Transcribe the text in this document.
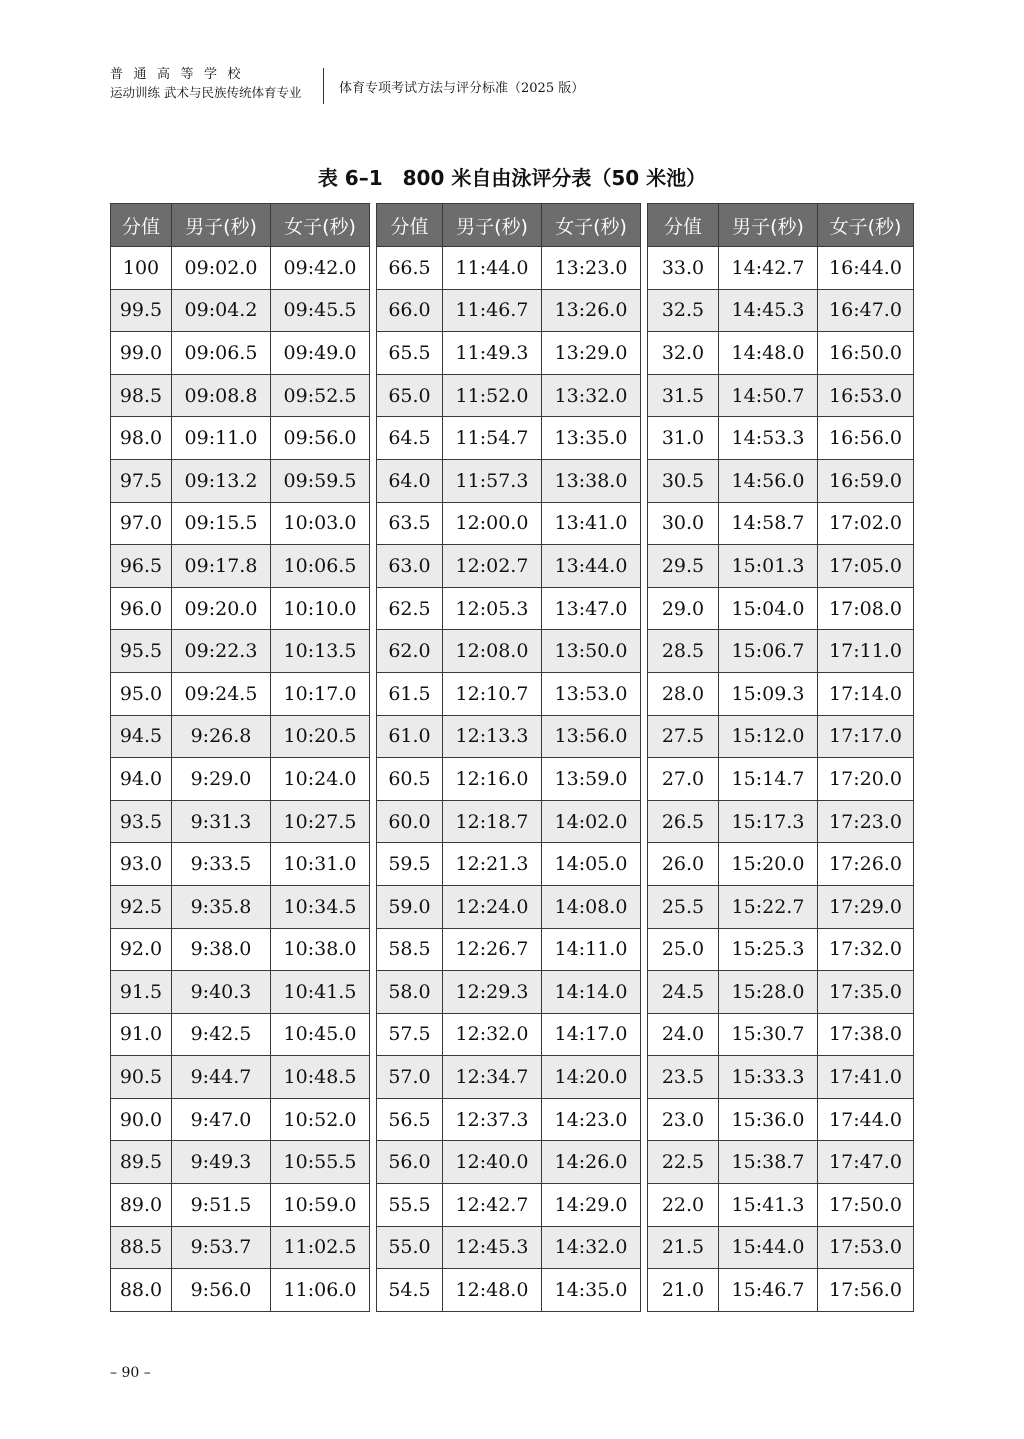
普通高等学校
运动训练 武术与民族传统体育专业	体育专项考试方法与评分标准（2025 版）
表 6–1　800 米自由泳评分表（50 米池）
分值	男子(秒)	女子(秒)
100	09:02.0	09:42.0
99.5	09:04.2	09:45.5
99.0	09:06.5	09:49.0
98.5	09:08.8	09:52.5
98.0	09:11.0	09:56.0
97.5	09:13.2	09:59.5
97.0	09:15.5	10:03.0
96.5	09:17.8	10:06.5
96.0	09:20.0	10:10.0
95.5	09:22.3	10:13.5
95.0	09:24.5	10:17.0
94.5	9:26.8	10:20.5
94.0	9:29.0	10:24.0
93.5	9:31.3	10:27.5
93.0	9:33.5	10:31.0
92.5	9:35.8	10:34.5
92.0	9:38.0	10:38.0
91.5	9:40.3	10:41.5
91.0	9:42.5	10:45.0
90.5	9:44.7	10:48.5
90.0	9:47.0	10:52.0
89.5	9:49.3	10:55.5
89.0	9:51.5	10:59.0
88.5	9:53.7	11:02.5
88.0	9:56.0	11:06.0
分值	男子(秒)	女子(秒)
66.5	11:44.0	13:23.0
66.0	11:46.7	13:26.0
65.5	11:49.3	13:29.0
65.0	11:52.0	13:32.0
64.5	11:54.7	13:35.0
64.0	11:57.3	13:38.0
63.5	12:00.0	13:41.0
63.0	12:02.7	13:44.0
62.5	12:05.3	13:47.0
62.0	12:08.0	13:50.0
61.5	12:10.7	13:53.0
61.0	12:13.3	13:56.0
60.5	12:16.0	13:59.0
60.0	12:18.7	14:02.0
59.5	12:21.3	14:05.0
59.0	12:24.0	14:08.0
58.5	12:26.7	14:11.0
58.0	12:29.3	14:14.0
57.5	12:32.0	14:17.0
57.0	12:34.7	14:20.0
56.5	12:37.3	14:23.0
56.0	12:40.0	14:26.0
55.5	12:42.7	14:29.0
55.0	12:45.3	14:32.0
54.5	12:48.0	14:35.0
分值	男子(秒)	女子(秒)
33.0	14:42.7	16:44.0
32.5	14:45.3	16:47.0
32.0	14:48.0	16:50.0
31.5	14:50.7	16:53.0
31.0	14:53.3	16:56.0
30.5	14:56.0	16:59.0
30.0	14:58.7	17:02.0
29.5	15:01.3	17:05.0
29.0	15:04.0	17:08.0
28.5	15:06.7	17:11.0
28.0	15:09.3	17:14.0
27.5	15:12.0	17:17.0
27.0	15:14.7	17:20.0
26.5	15:17.3	17:23.0
26.0	15:20.0	17:26.0
25.5	15:22.7	17:29.0
25.0	15:25.3	17:32.0
24.5	15:28.0	17:35.0
24.0	15:30.7	17:38.0
23.5	15:33.3	17:41.0
23.0	15:36.0	17:44.0
22.5	15:38.7	17:47.0
22.0	15:41.3	17:50.0
21.5	15:44.0	17:53.0
21.0	15:46.7	17:56.0
– 90 –
